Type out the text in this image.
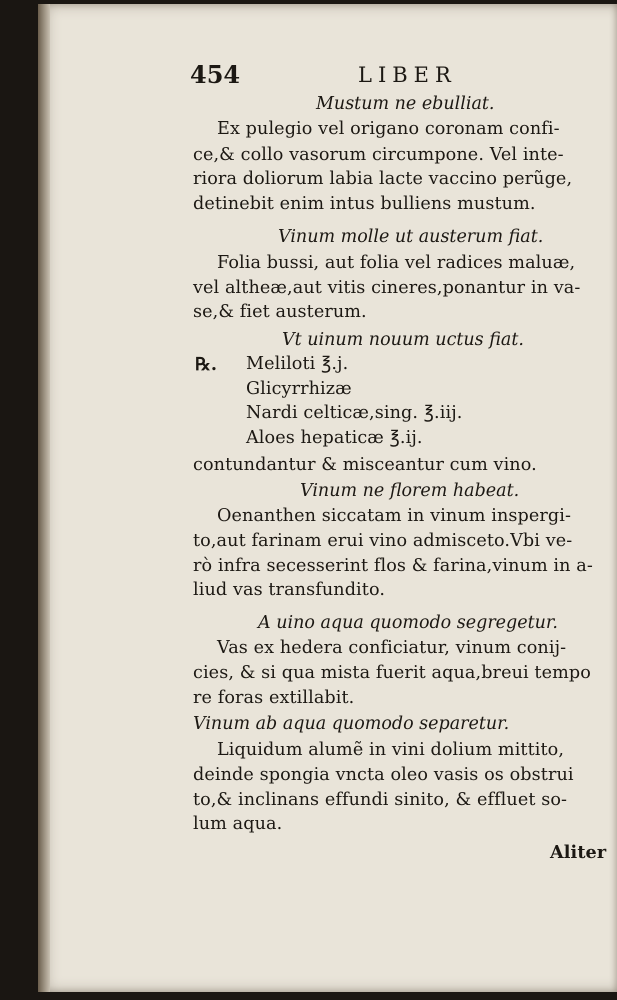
454	LIBER
Mustum ne ebulliat.
Ex pulegio vel origano coronam confi-
ce,& collo vasorum circumpone. Vel inte-
riora doliorum labia lacte vaccino perũge,
detinebit enim intus bulliens mustum.
Vinum molle ut austerum fiat.
Folia bussi, aut folia vel radices maluæ,
vel altheæ,aut vitis cineres,ponantur in va-
se,& fiet austerum.
Vt uinum nouum uctus fiat.
℞. Meliloti ℥.j.
Glicyrrhizæ
Nardi celticæ,sing. ℥.iij.
Aloes hepaticæ ℥.ij.
contundantur & misceantur cum vino.
Vinum ne florem habeat.
Oenanthen siccatam in vinum inspergi-
to,aut farinam erui vino admisceto.Vbi ve-
rò infra secesserint flos & farina,vinum in a-
liud vas transfundito.
A uino aqua quomodo segregetur.
Vas ex hedera conficiatur, vinum conij-
cies, & si qua mista fuerit aqua,breui tempo
re foras extillabit.
Vinum ab aqua quomodo separetur.
Liquidum alumẽ in vini dolium mittito,
deinde spongia vncta oleo vasis os obstrui
to,& inclinans effundi sinito, & effluet so-
lum aqua.
Aliter
